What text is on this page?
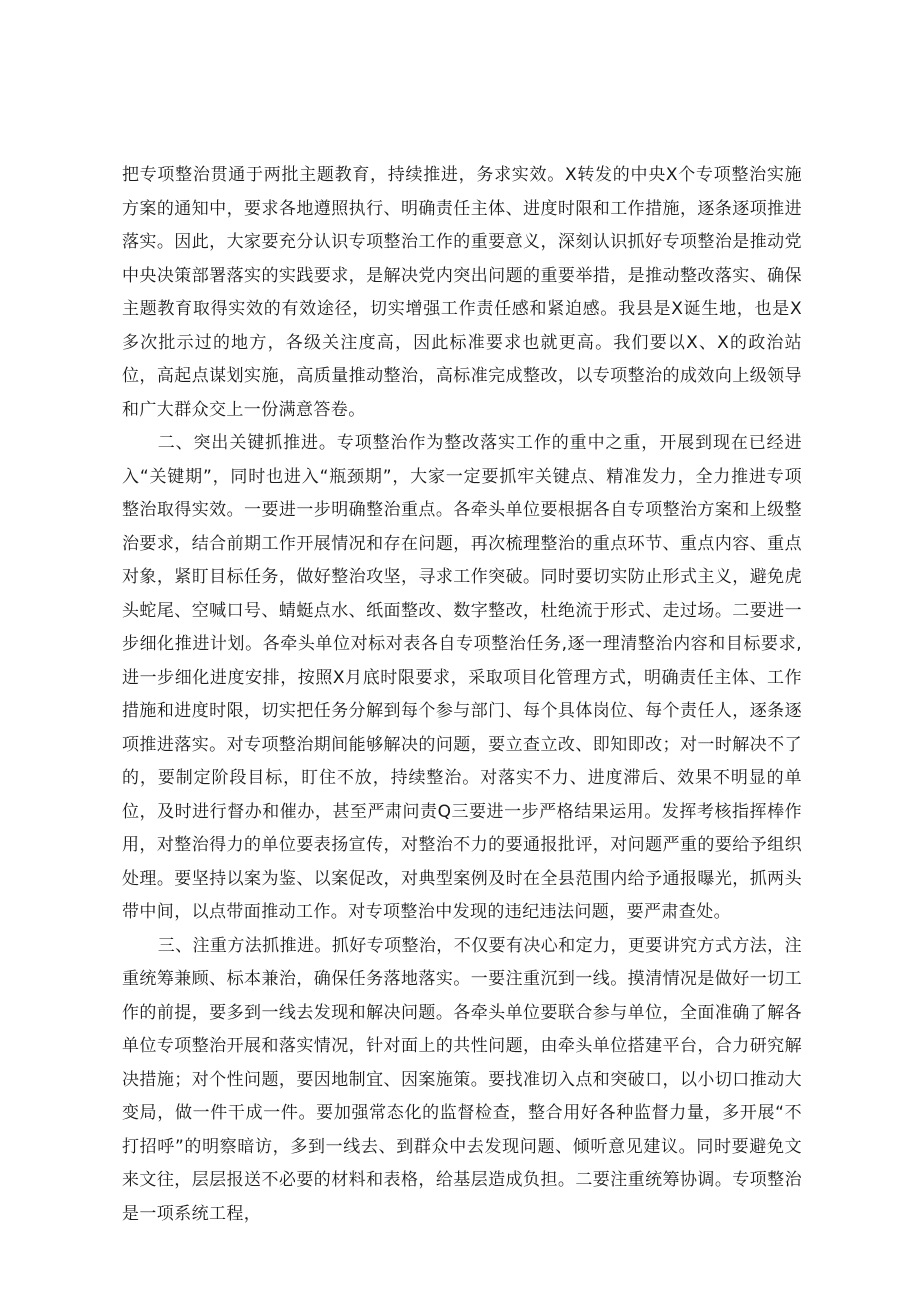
把专项整治贯通于两批主题教育，持续推进，务求实效。X转发的中央X个专项整治实施方案的通知中，要求各地遵照执行、明确责任主体、进度时限和工作措施，逐条逐项推进落实。因此，大家要充分认识专项整治工作的重要意义，深刻认识抓好专项整治是推动党中央决策部署落实的实践要求，是解决党内突出问题的重要举措，是推动整改落实、确保主题教育取得实效的有效途径，切实增强工作责任感和紧迫感。我县是X诞生地，也是X多次批示过的地方，各级关注度高，因此标准要求也就更高。我们要以X、X的政治站位，高起点谋划实施，高质量推动整治，高标准完成整改，以专项整治的成效向上级领导和广大群众交上一份满意答卷。

二、突出关键抓推进。专项整治作为整改落实工作的重中之重，开展到现在已经进入“关键期”，同时也进入“瓶颈期”，大家一定要抓牢关键点、精准发力，全力推进专项整治取得实效。一要进一步明确整治重点。各牵头单位要根据各自专项整治方案和上级整治要求，结合前期工作开展情况和存在问题，再次梳理整治的重点环节、重点内容、重点对象，紧盯目标任务，做好整治攻坚，寻求工作突破。同时要切实防止形式主义，避免虎头蛇尾、空喊口号、蜻蜓点水、纸面整改、数字整改，杜绝流于形式、走过场。二要进一步细化推进计划。各牵头单位对标对表各自专项整治任务,逐一理清整治内容和目标要求,进一步细化进度安排，按照X月底时限要求，采取项目化管理方式，明确责任主体、工作措施和进度时限，切实把任务分解到每个参与部门、每个具体岗位、每个责任人，逐条逐项推进落实。对专项整治期间能够解决的问题，要立查立改、即知即改；对一时解决不了的，要制定阶段目标，盯住不放，持续整治。对落实不力、进度滞后、效果不明显的单位，及时进行督办和催办，甚至严肃问责Q三要进一步严格结果运用。发挥考核指挥棒作用，对整治得力的单位要表扬宣传，对整治不力的要通报批评，对问题严重的要给予组织处理。要坚持以案为鉴、以案促改，对典型案例及时在全县范围内给予通报曝光，抓两头带中间，以点带面推动工作。对专项整治中发现的违纪违法问题，要严肃查处。

三、注重方法抓推进。抓好专项整治，不仅要有决心和定力，更要讲究方式方法，注重统筹兼顾、标本兼治，确保任务落地落实。一要注重沉到一线。摸清情况是做好一切工作的前提，要多到一线去发现和解决问题。各牵头单位要联合参与单位，全面准确了解各单位专项整治开展和落实情况，针对面上的共性问题，由牵头单位搭建平台，合力研究解决措施；对个性问题，要因地制宜、因案施策。要找准切入点和突破口，以小切口推动大变局，做一件干成一件。要加强常态化的监督检查，整合用好各种监督力量，多开展“不打招呼”的明察暗访，多到一线去、到群众中去发现问题、倾听意见建议。同时要避免文来文往，层层报送不必要的材料和表格，给基层造成负担。二要注重统筹协调。专项整治是一项系统工程，
